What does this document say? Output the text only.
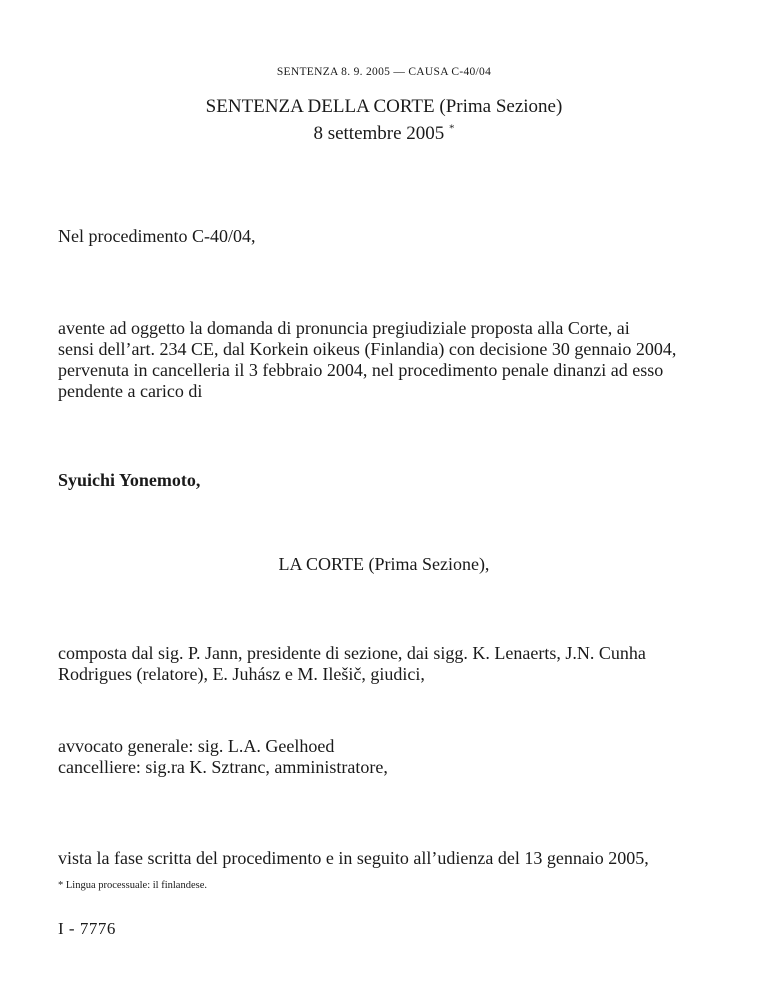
SENTENZA 8. 9. 2005 — CAUSA C-40/04
SENTENZA DELLA CORTE (Prima Sezione)
8 settembre 2005 *
Nel procedimento C-40/04,
avente ad oggetto la domanda di pronuncia pregiudiziale proposta alla Corte, ai
sensi dell’art. 234 CE, dal Korkein oikeus (Finlandia) con decisione 30 gennaio 2004,
pervenuta in cancelleria il 3 febbraio 2004, nel procedimento penale dinanzi ad esso
pendente a carico di
Syuichi Yonemoto,
LA CORTE (Prima Sezione),
composta dal sig. P. Jann, presidente di sezione, dai sigg. K. Lenaerts, J.N. Cunha
Rodrigues (relatore), E. Juhász e M. Ilešič, giudici,
avvocato generale: sig. L.A. Geelhoed
cancelliere: sig.ra K. Sztranc, amministratore,
vista la fase scritta del procedimento e in seguito all’udienza del 13 gennaio 2005,
* Lingua processuale: il finlandese.
I - 7776
